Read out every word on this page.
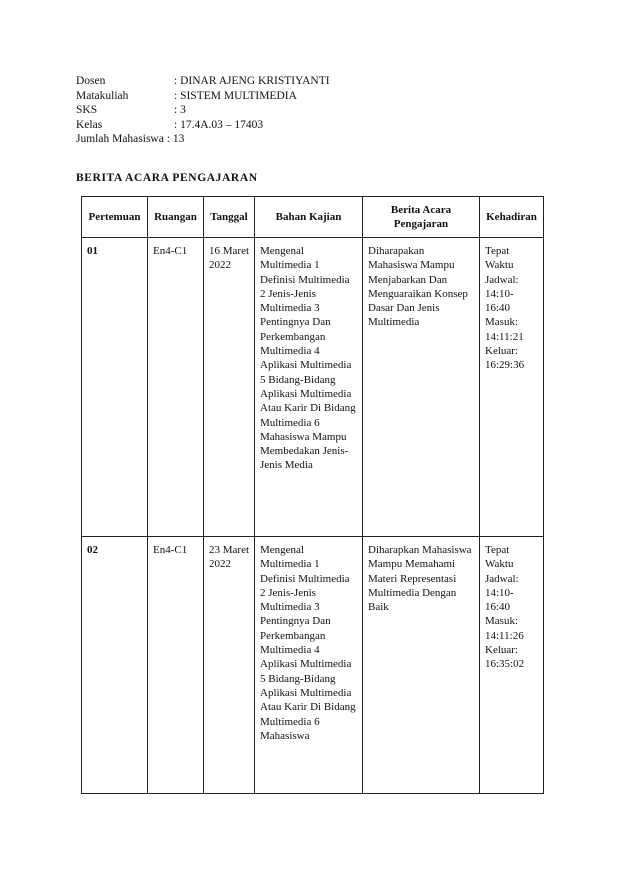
Dosen	: DINAR AJENG KRISTIYANTI
Matakuliah	: SISTEM MULTIMEDIA
SKS	: 3
Kelas	: 17.4A.03 – 17403
Jumlah Mahasiswa : 13
BERITA ACARA PENGAJARAN
Pertemuan	Ruangan	Tanggal	Bahan Kajian	Berita Acara Pengajaran	Kehadiran
01	En4-C1	16 Maret 2022	Mengenal Multimedia 1 Definisi Multimedia 2 Jenis-Jenis Multimedia 3 Pentingnya Dan Perkembangan Multimedia 4 Aplikasi Multimedia 5 Bidang-Bidang Aplikasi Multimedia Atau Karir Di Bidang Multimedia 6 Mahasiswa Mampu Membedakan Jenis-Jenis Media	Diharapakan Mahasiswa Mampu Menjabarkan Dan Menguaraikan Konsep Dasar Dan Jenis Multimedia	Tepat Waktu Jadwal: 14:10-16:40 Masuk: 14:11:21 Keluar: 16:29:36
02	En4-C1	23 Maret 2022	Mengenal Multimedia 1 Definisi Multimedia 2 Jenis-Jenis Multimedia 3 Pentingnya Dan Perkembangan Multimedia 4 Aplikasi Multimedia 5 Bidang-Bidang Aplikasi Multimedia Atau Karir Di Bidang Multimedia 6 Mahasiswa	Diharapkan Mahasiswa Mampu Memahami Materi Representasi Multimedia Dengan Baik	Tepat Waktu Jadwal: 14:10-16:40 Masuk: 14:11:26 Keluar: 16:35:02
